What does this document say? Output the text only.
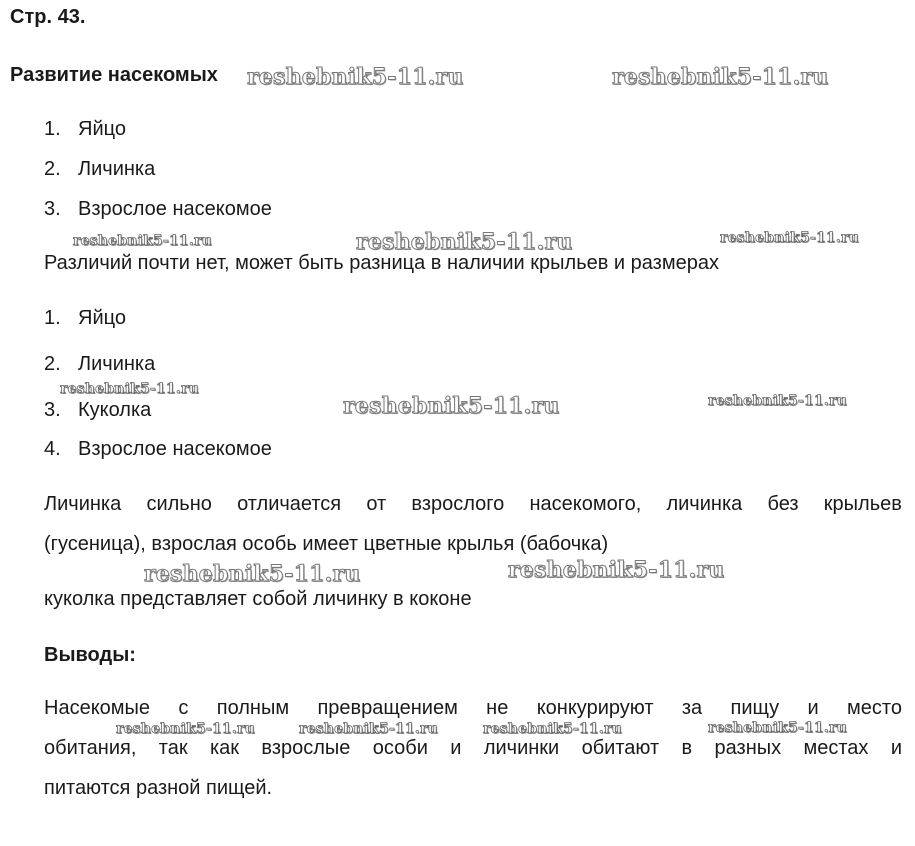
Стр. 43.
Развитие насекомых
1. Яйцо
2. Личинка
3. Взрослое насекомое
Различий почти нет, может быть разница в наличии крыльев и размерах
1. Яйцо
2. Личинка
3. Куколка
4. Взрослое насекомое
Личинка сильно отличается от взрослого насекомого, личинка без крыльев
(гусеница), взрослая особь имеет цветные крылья (бабочка)
куколка представляет собой личинку в коконе
Выводы:
Насекомые с полным превращением не конкурируют за пищу и место
обитания, так как взрослые особи и личинки обитают в разных местах и
питаются разной пищей.
reshebnik5-11.ru	reshebnik5-11.ru
reshebnik5-11.ru	reshebnik5-11.ru	reshebnik5-11.ru
reshebnik5-11.ru
reshebnik5-11.ru	reshebnik5-11.ru
reshebnik5-11.ru	reshebnik5-11.ru
reshebnik5-11.ru	reshebnik5-11.ru	reshebnik5-11.ru	reshebnik5-11.ru
